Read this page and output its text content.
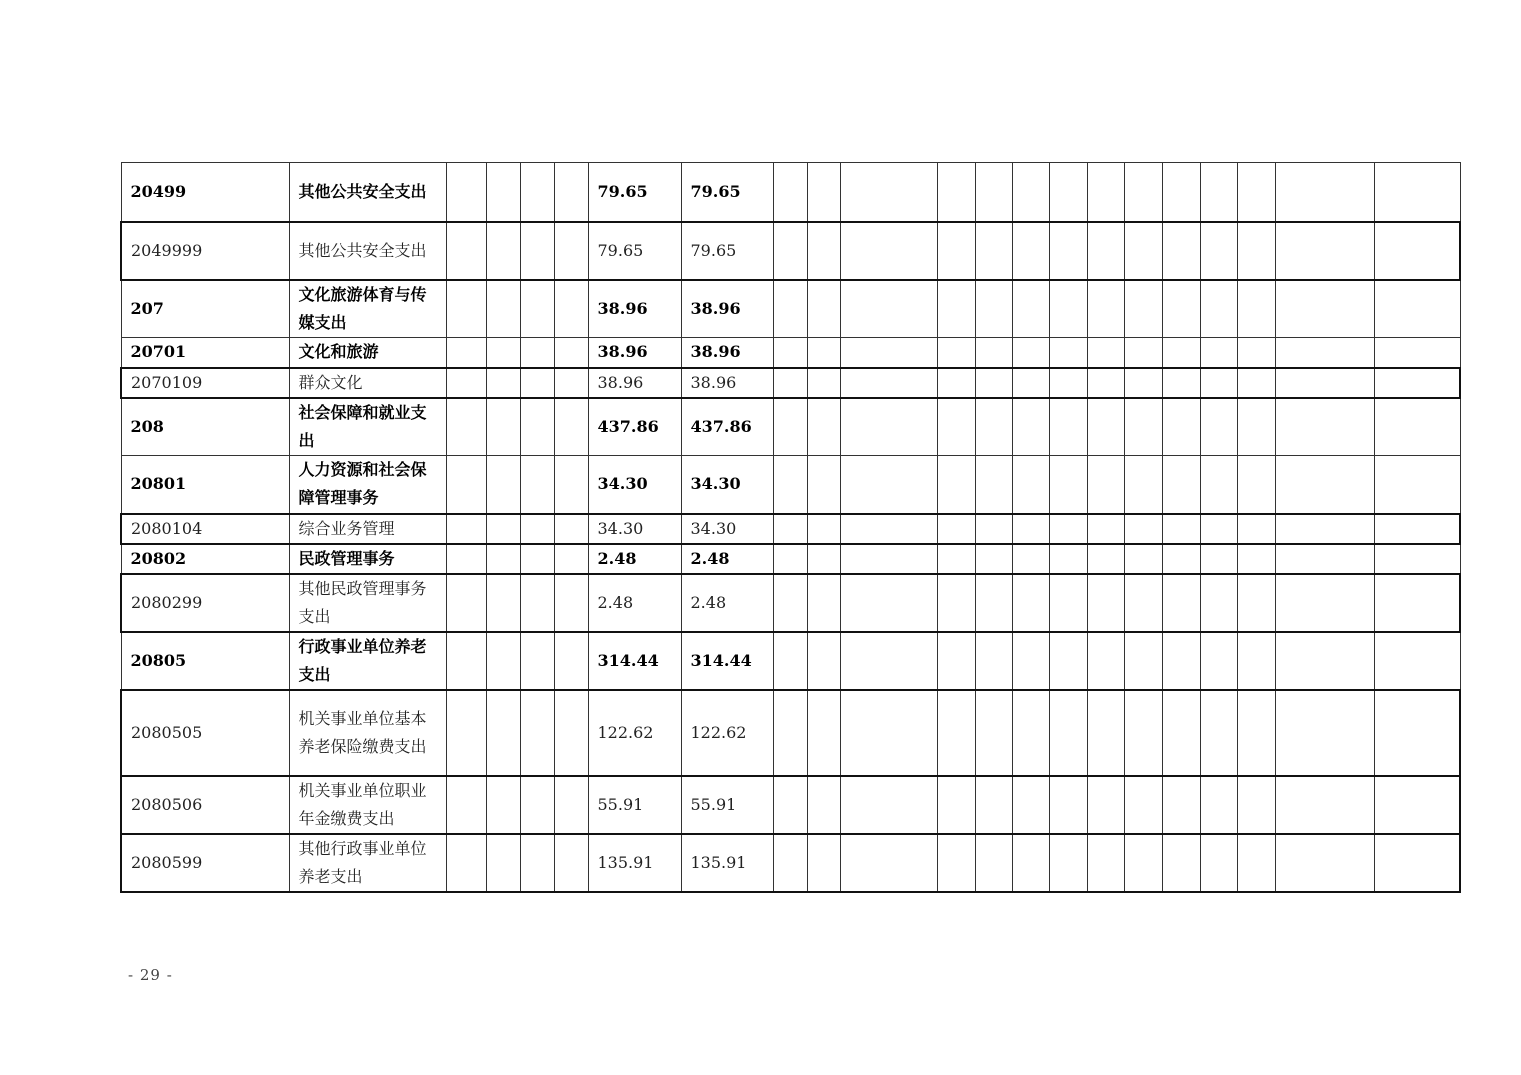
20499	其他公共安全支出					79.65	79.65														
2049999	其他公共安全支出					79.65	79.65														
207	文化旅游体育与传媒支出					38.96	38.96														
20701	文化和旅游					38.96	38.96														
2070109	群众文化					38.96	38.96														
208	社会保障和就业支出					437.86	437.86														
20801	人力资源和社会保障管理事务					34.30	34.30														
2080104	综合业务管理					34.30	34.30														
20802	民政管理事务					2.48	2.48														
2080299	其他民政管理事务支出					2.48	2.48														
20805	行政事业单位养老支出					314.44	314.44														
2080505	机关事业单位基本养老保险缴费支出					122.62	122.62														
2080506	机关事业单位职业年金缴费支出					55.91	55.91														
2080599	其他行政事业单位养老支出					135.91	135.91														
- 29 -
